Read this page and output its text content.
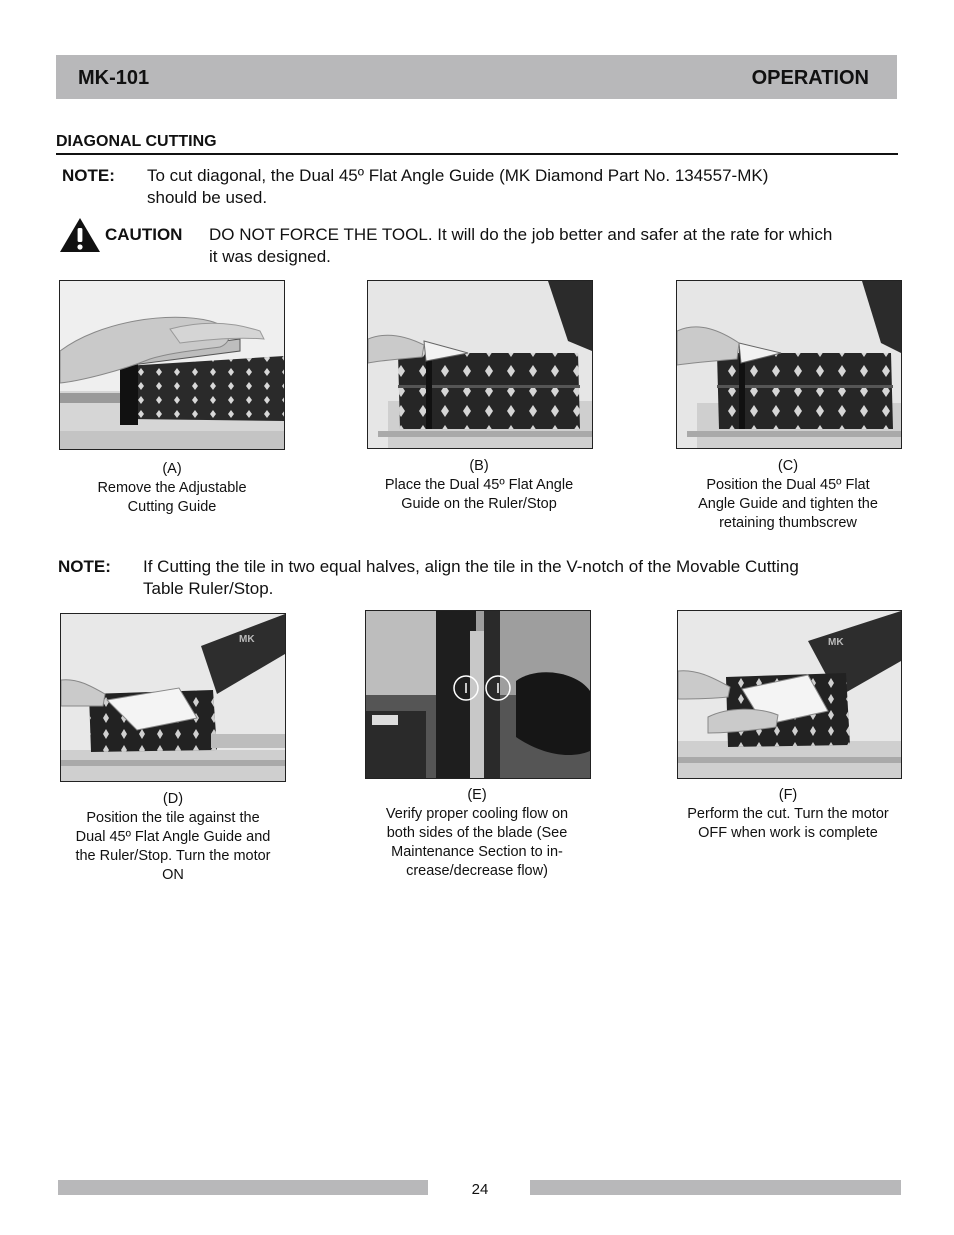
MK-101	OPERATION
DIAGONAL CUTTING
NOTE: To cut diagonal, the Dual 45º Flat Angle Guide (MK Diamond Part No. 134557-MK)
should be used.
CAUTION DO NOT FORCE THE TOOL. It will do the job better and safer at the rate for which
it was designed.
(A)
Remove the Adjustable
Cutting Guide
(B)
Place the Dual 45º Flat Angle
Guide on the Ruler/Stop
(C)
Position the Dual 45º Flat
Angle Guide and tighten the
retaining thumbscrew
NOTE: If Cutting the tile in two equal halves, align the tile in the V-notch of the Movable Cutting
Table Ruler/Stop.
MK
(D)
Position the tile against the
Dual 45º Flat Angle Guide and
the Ruler/Stop. Turn the motor
ON
(E)
Verify proper cooling flow on
both sides of the blade (See
Maintenance Section to in-
crease/decrease flow)
MK
(F)
Perform the cut. Turn the motor
OFF when work is complete
24
